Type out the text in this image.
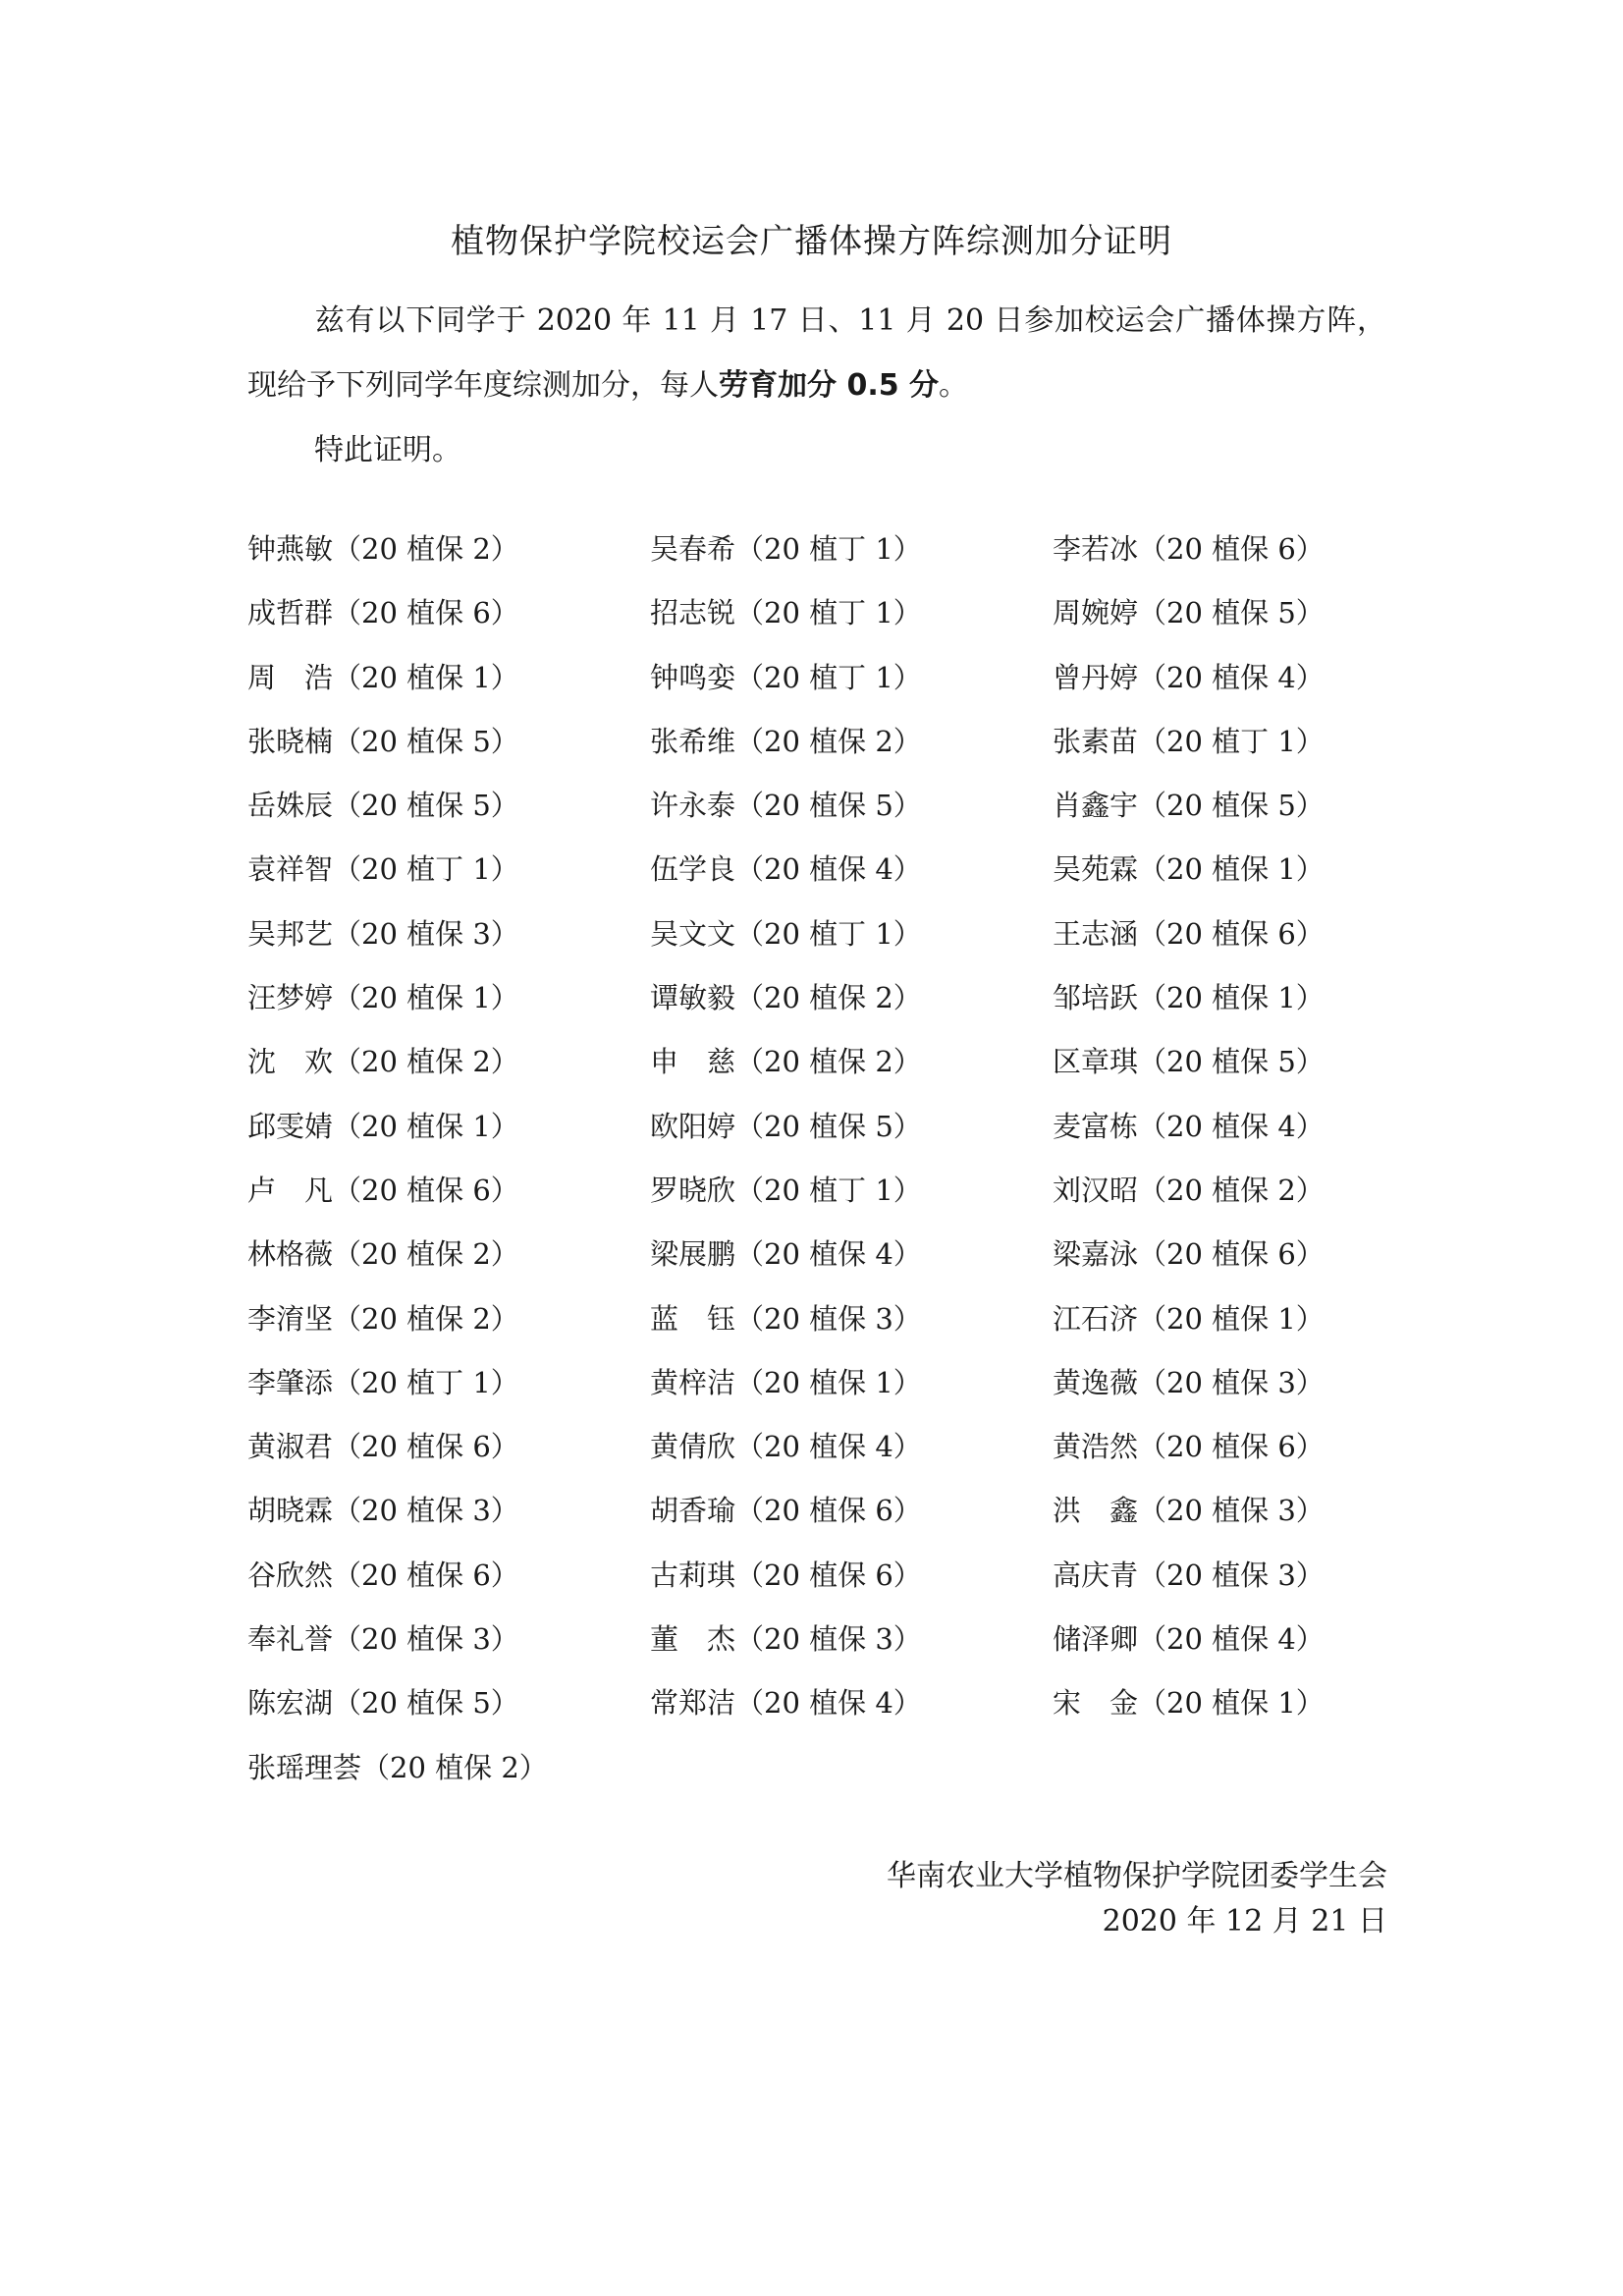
植物保护学院校运会广播体操方阵综测加分证明
兹有以下同学于 2020 年 11 月 17 日、11 月 20 日参加校运会广播体操方阵，现给予下列同学年度综测加分，每人劳育加分 0.5 分。
特此证明。
钟燕敏（20 植保 2）	吴春希（20 植丁 1）	李若冰（20 植保 6）
成哲群（20 植保 6）	招志锐（20 植丁 1）	周婉婷（20 植保 5）
周　浩（20 植保 1）	钟鸣娈（20 植丁 1）	曾丹婷（20 植保 4）
张晓楠（20 植保 5）	张希维（20 植保 2）	张素苗（20 植丁 1）
岳姝辰（20 植保 5）	许永泰（20 植保 5）	肖鑫宇（20 植保 5）
袁祥智（20 植丁 1）	伍学良（20 植保 4）	吴苑霖（20 植保 1）
吴邦艺（20 植保 3）	吴文文（20 植丁 1）	王志涵（20 植保 6）
汪梦婷（20 植保 1）	谭敏毅（20 植保 2）	邹培跃（20 植保 1）
沈　欢（20 植保 2）	申　慈（20 植保 2）	区章琪（20 植保 5）
邱雯婧（20 植保 1）	欧阳婷（20 植保 5）	麦富栋（20 植保 4）
卢　凡（20 植保 6）	罗晓欣（20 植丁 1）	刘汉昭（20 植保 2）
林格薇（20 植保 2）	梁展鹏（20 植保 4）	梁嘉泳（20 植保 6）
李淯坚（20 植保 2）	蓝　钰（20 植保 3）	江石济（20 植保 1）
李肇添（20 植丁 1）	黄梓洁（20 植保 1）	黄逸薇（20 植保 3）
黄淑君（20 植保 6）	黄倩欣（20 植保 4）	黄浩然（20 植保 6）
胡晓霖（20 植保 3）	胡香瑜（20 植保 6）	洪　鑫（20 植保 3）
谷欣然（20 植保 6）	古莉琪（20 植保 6）	高庆青（20 植保 3）
奉礼誉（20 植保 3）	董　杰（20 植保 3）	储泽卿（20 植保 4）
陈宏湖（20 植保 5）	常郑洁（20 植保 4）	宋　金（20 植保 1）
张瑶理荟（20 植保 2）
华南农业大学植物保护学院团委学生会
2020 年 12 月 21 日
